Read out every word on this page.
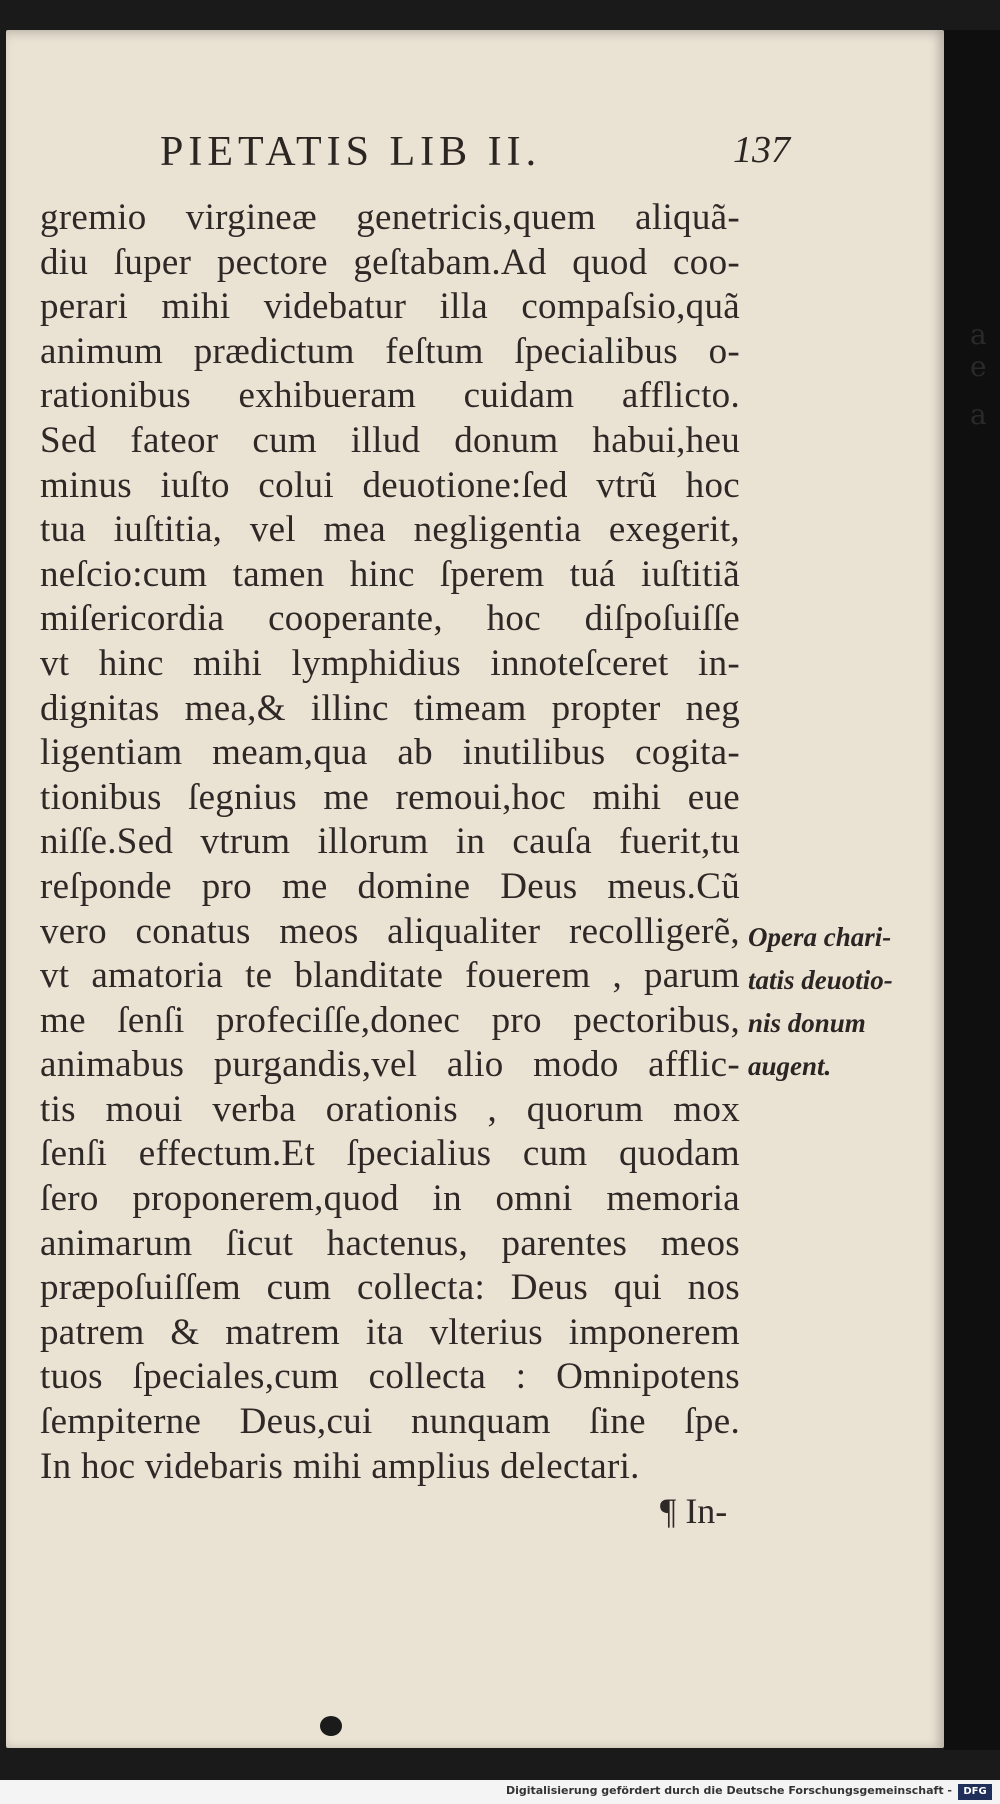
a
e
a
PIETATIS LIB II.	137
gremio virgineæ genetricis,quem aliquã-
diu ſuper pectore geſtabam.Ad quod coo-
perari mihi videbatur illa compaſsio,quã
animum prædictum feſtum ſpecialibus o-
rationibus exhibueram cuidam afflicto.
Sed fateor cum illud donum habui,heu
minus iuſto colui deuotione:ſed vtrũ hoc
tua iuſtitia, vel mea negligentia exegerit,
neſcio:cum tamen hinc ſperem tuá iuſtitiã
miſericordia cooperante, hoc diſpoſuiſſe
vt hinc mihi lymphidius innoteſceret in-
dignitas mea,& illinc timeam propter neg
ligentiam meam,qua ab inutilibus cogita-
tionibus ſegnius me remoui,hoc mihi eue
niſſe.Sed vtrum illorum in cauſa fuerit,tu
reſponde pro me domine Deus meus.Cũ
vero conatus meos aliqualiter recolligerẽ,
vt amatoria te blanditate fouerem , parum
me ſenſi profeciſſe,donec pro pectoribus,
animabus purgandis,vel alio modo afflic-
tis moui verba orationis , quorum mox
ſenſi effectum.Et ſpecialius cum quodam
ſero proponerem,quod in omni memoria
animarum ſicut hactenus, parentes meos
præpoſuiſſem cum collecta: Deus qui nos
patrem & matrem ita vlterius imponerem
tuos ſpeciales,cum collecta : Omnipotens
ſempiterne Deus,cui nunquam ſine ſpe.
In hoc videbaris mihi amplius delectari.
¶ In-
Opera chari-
tatis deuotio-
nis donum
augent.
Digitalisierung gefördert durch die Deutsche Forschungsgemeinschaft -	DFG
